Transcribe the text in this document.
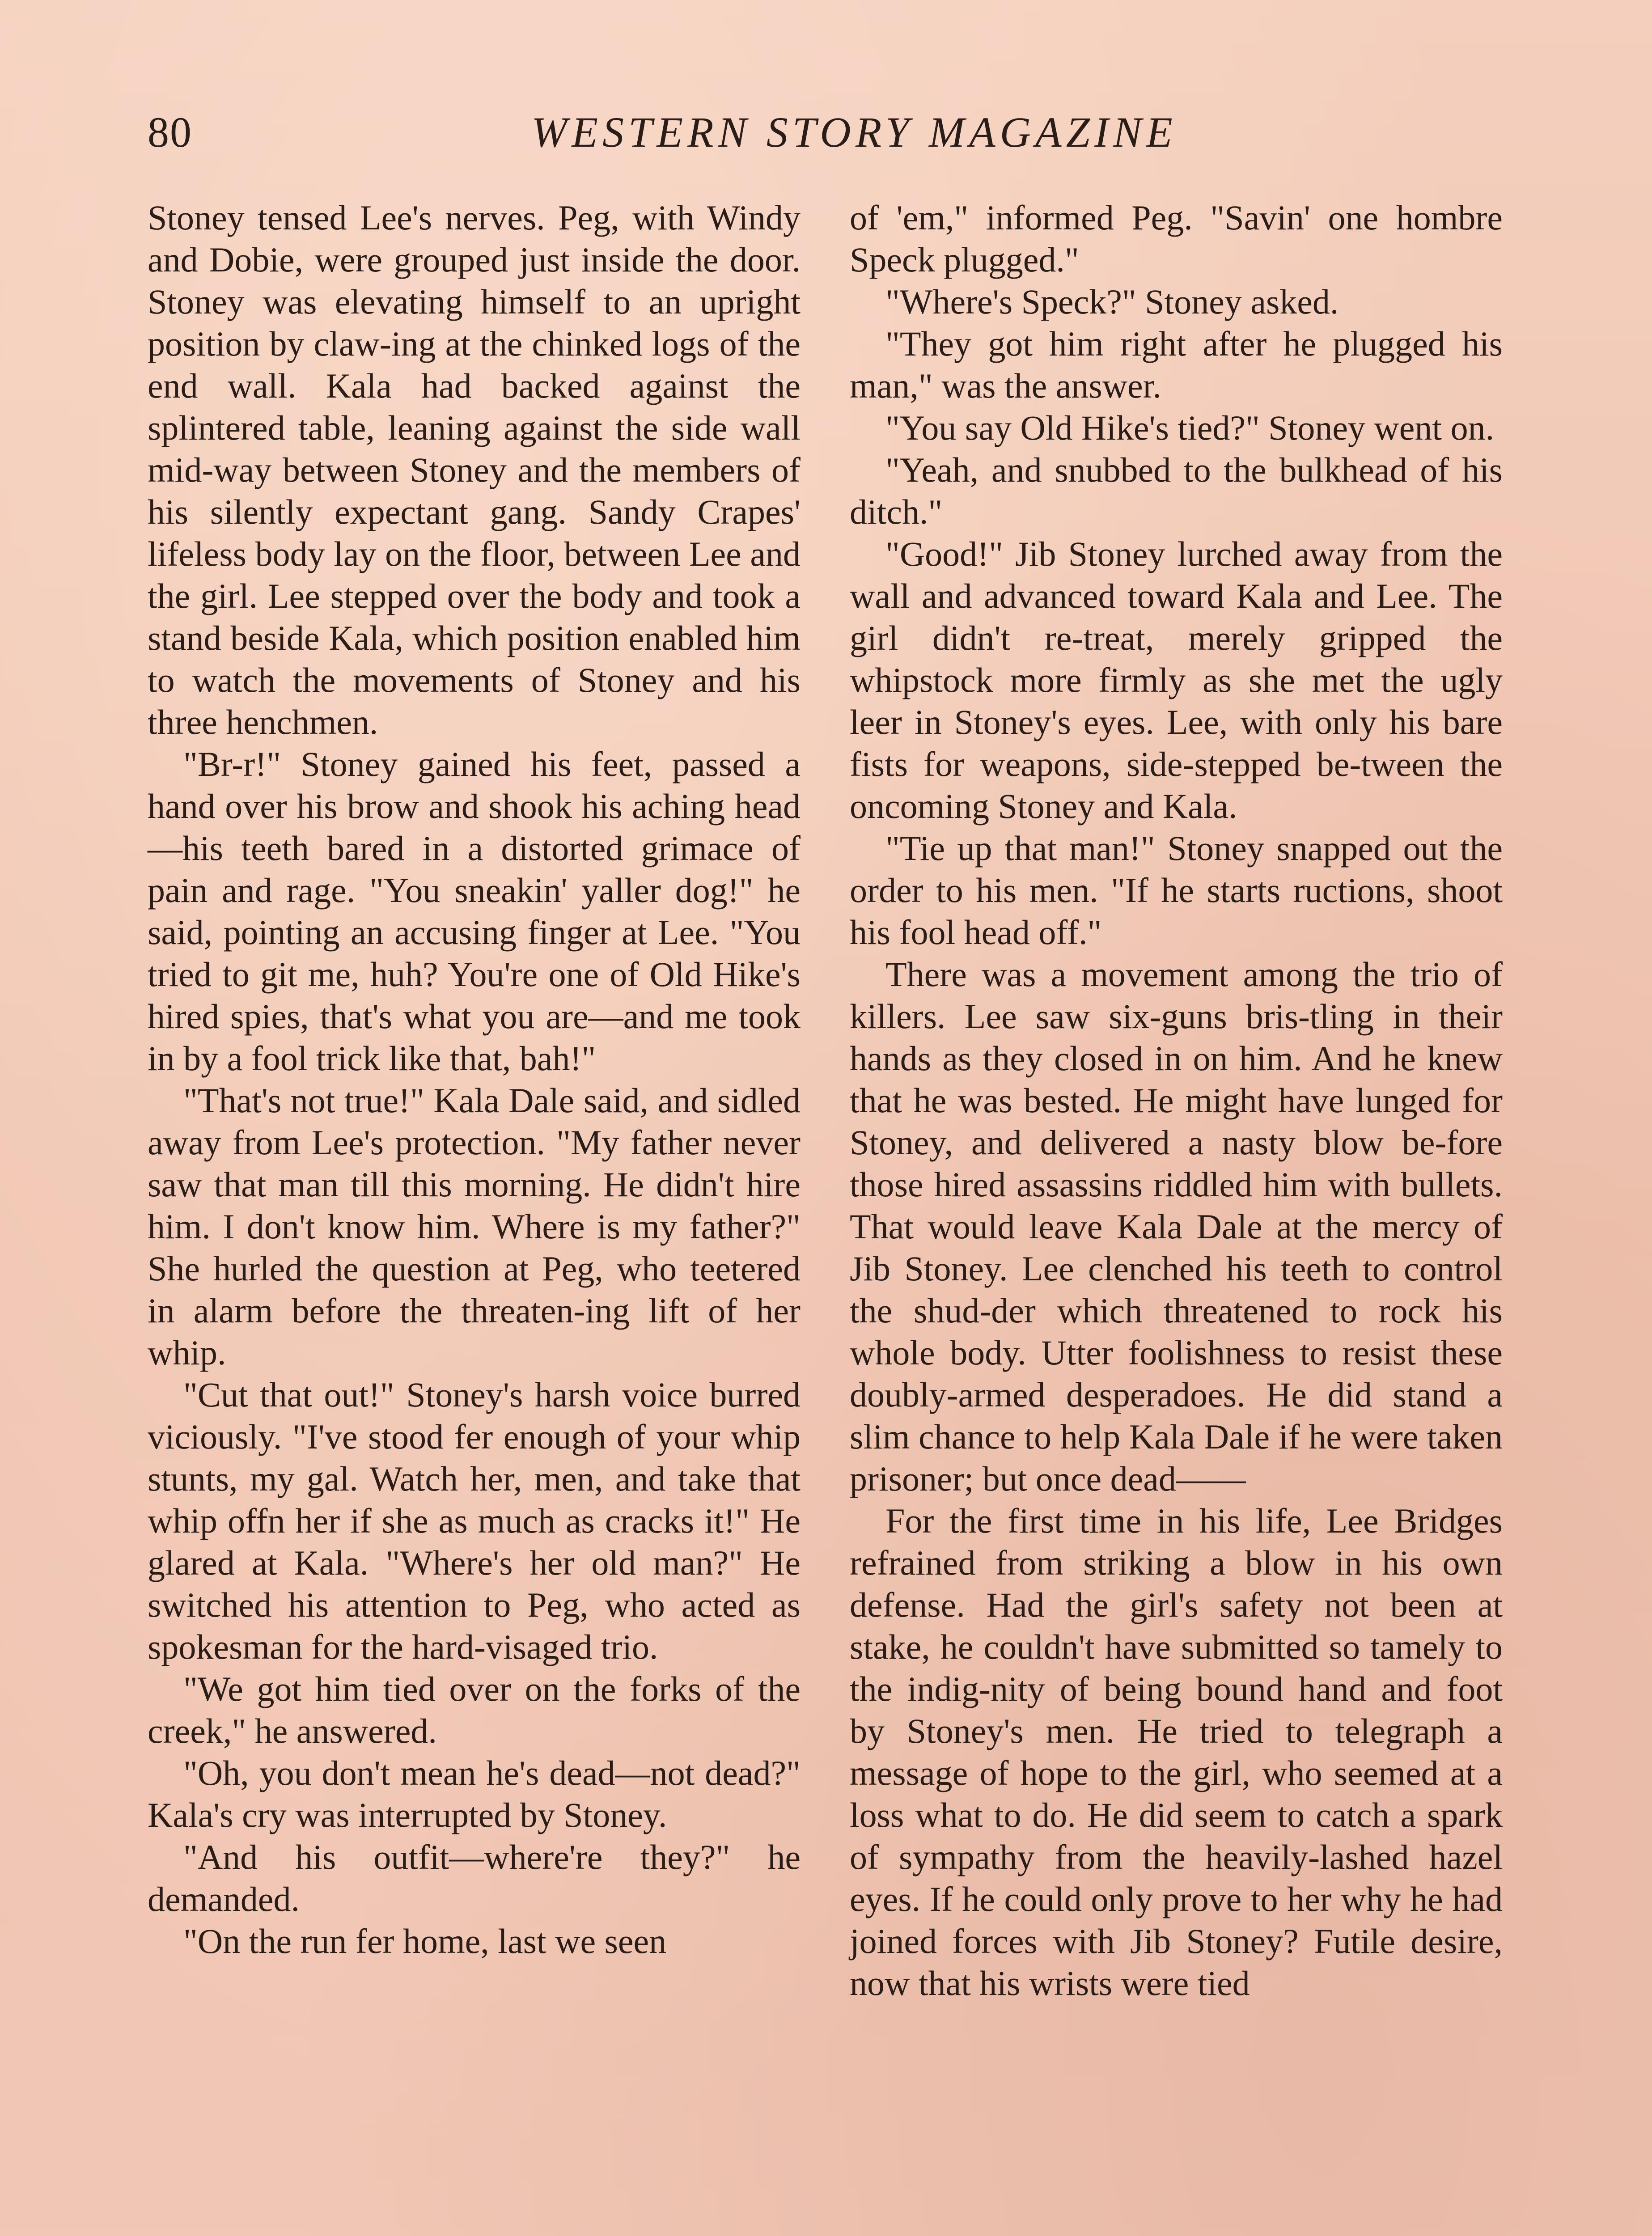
80	WESTERN STORY MAGAZINE

Stoney tensed Lee's nerves. Peg, with Windy and Dobie, were grouped just inside the door. Stoney was elevating himself to an upright position by claw-ing at the chinked logs of the end wall. Kala had backed against the splintered table, leaning against the side wall mid-way between Stoney and the members of his silently expectant gang. Sandy Crapes' lifeless body lay on the floor, between Lee and the girl. Lee stepped over the body and took a stand beside Kala, which position enabled him to watch the movements of Stoney and his three henchmen.

"Br-r!" Stoney gained his feet, passed a hand over his brow and shook his aching head—his teeth bared in a distorted grimace of pain and rage. "You sneakin' yaller dog!" he said, pointing an accusing finger at Lee. "You tried to git me, huh? You're one of Old Hike's hired spies, that's what you are—and me took in by a fool trick like that, bah!"

"That's not true!" Kala Dale said, and sidled away from Lee's protection. "My father never saw that man till this morning. He didn't hire him. I don't know him. Where is my father?" She hurled the question at Peg, who teetered in alarm before the threaten-ing lift of her whip.

"Cut that out!" Stoney's harsh voice burred viciously. "I've stood fer enough of your whip stunts, my gal. Watch her, men, and take that whip offn her if she as much as cracks it!" He glared at Kala. "Where's her old man?" He switched his attention to Peg, who acted as spokesman for the hard-visaged trio.

"We got him tied over on the forks of the creek," he answered.

"Oh, you don't mean he's dead—not dead?" Kala's cry was interrupted by Stoney.

"And his outfit—where're they?" he demanded.

"On the run fer home, last we seen

of 'em," informed Peg. "Savin' one hombre Speck plugged."

"Where's Speck?" Stoney asked.

"They got him right after he plugged his man," was the answer.

"You say Old Hike's tied?" Stoney went on.

"Yeah, and snubbed to the bulkhead of his ditch."

"Good!" Jib Stoney lurched away from the wall and advanced toward Kala and Lee. The girl didn't re-treat, merely gripped the whipstock more firmly as she met the ugly leer in Stoney's eyes. Lee, with only his bare fists for weapons, side-stepped be-tween the oncoming Stoney and Kala.

"Tie up that man!" Stoney snapped out the order to his men. "If he starts ructions, shoot his fool head off."

There was a movement among the trio of killers. Lee saw six-guns bris-tling in their hands as they closed in on him. And he knew that he was bested. He might have lunged for Stoney, and delivered a nasty blow be-fore those hired assassins riddled him with bullets. That would leave Kala Dale at the mercy of Jib Stoney. Lee clenched his teeth to control the shud-der which threatened to rock his whole body. Utter foolishness to resist these doubly-armed desperadoes. He did stand a slim chance to help Kala Dale if he were taken prisoner; but once dead——

For the first time in his life, Lee Bridges refrained from striking a blow in his own defense. Had the girl's safety not been at stake, he couldn't have submitted so tamely to the indig-nity of being bound hand and foot by Stoney's men. He tried to telegraph a message of hope to the girl, who seemed at a loss what to do. He did seem to catch a spark of sympathy from the heavily-lashed hazel eyes. If he could only prove to her why he had joined forces with Jib Stoney? Futile desire, now that his wrists were tied
